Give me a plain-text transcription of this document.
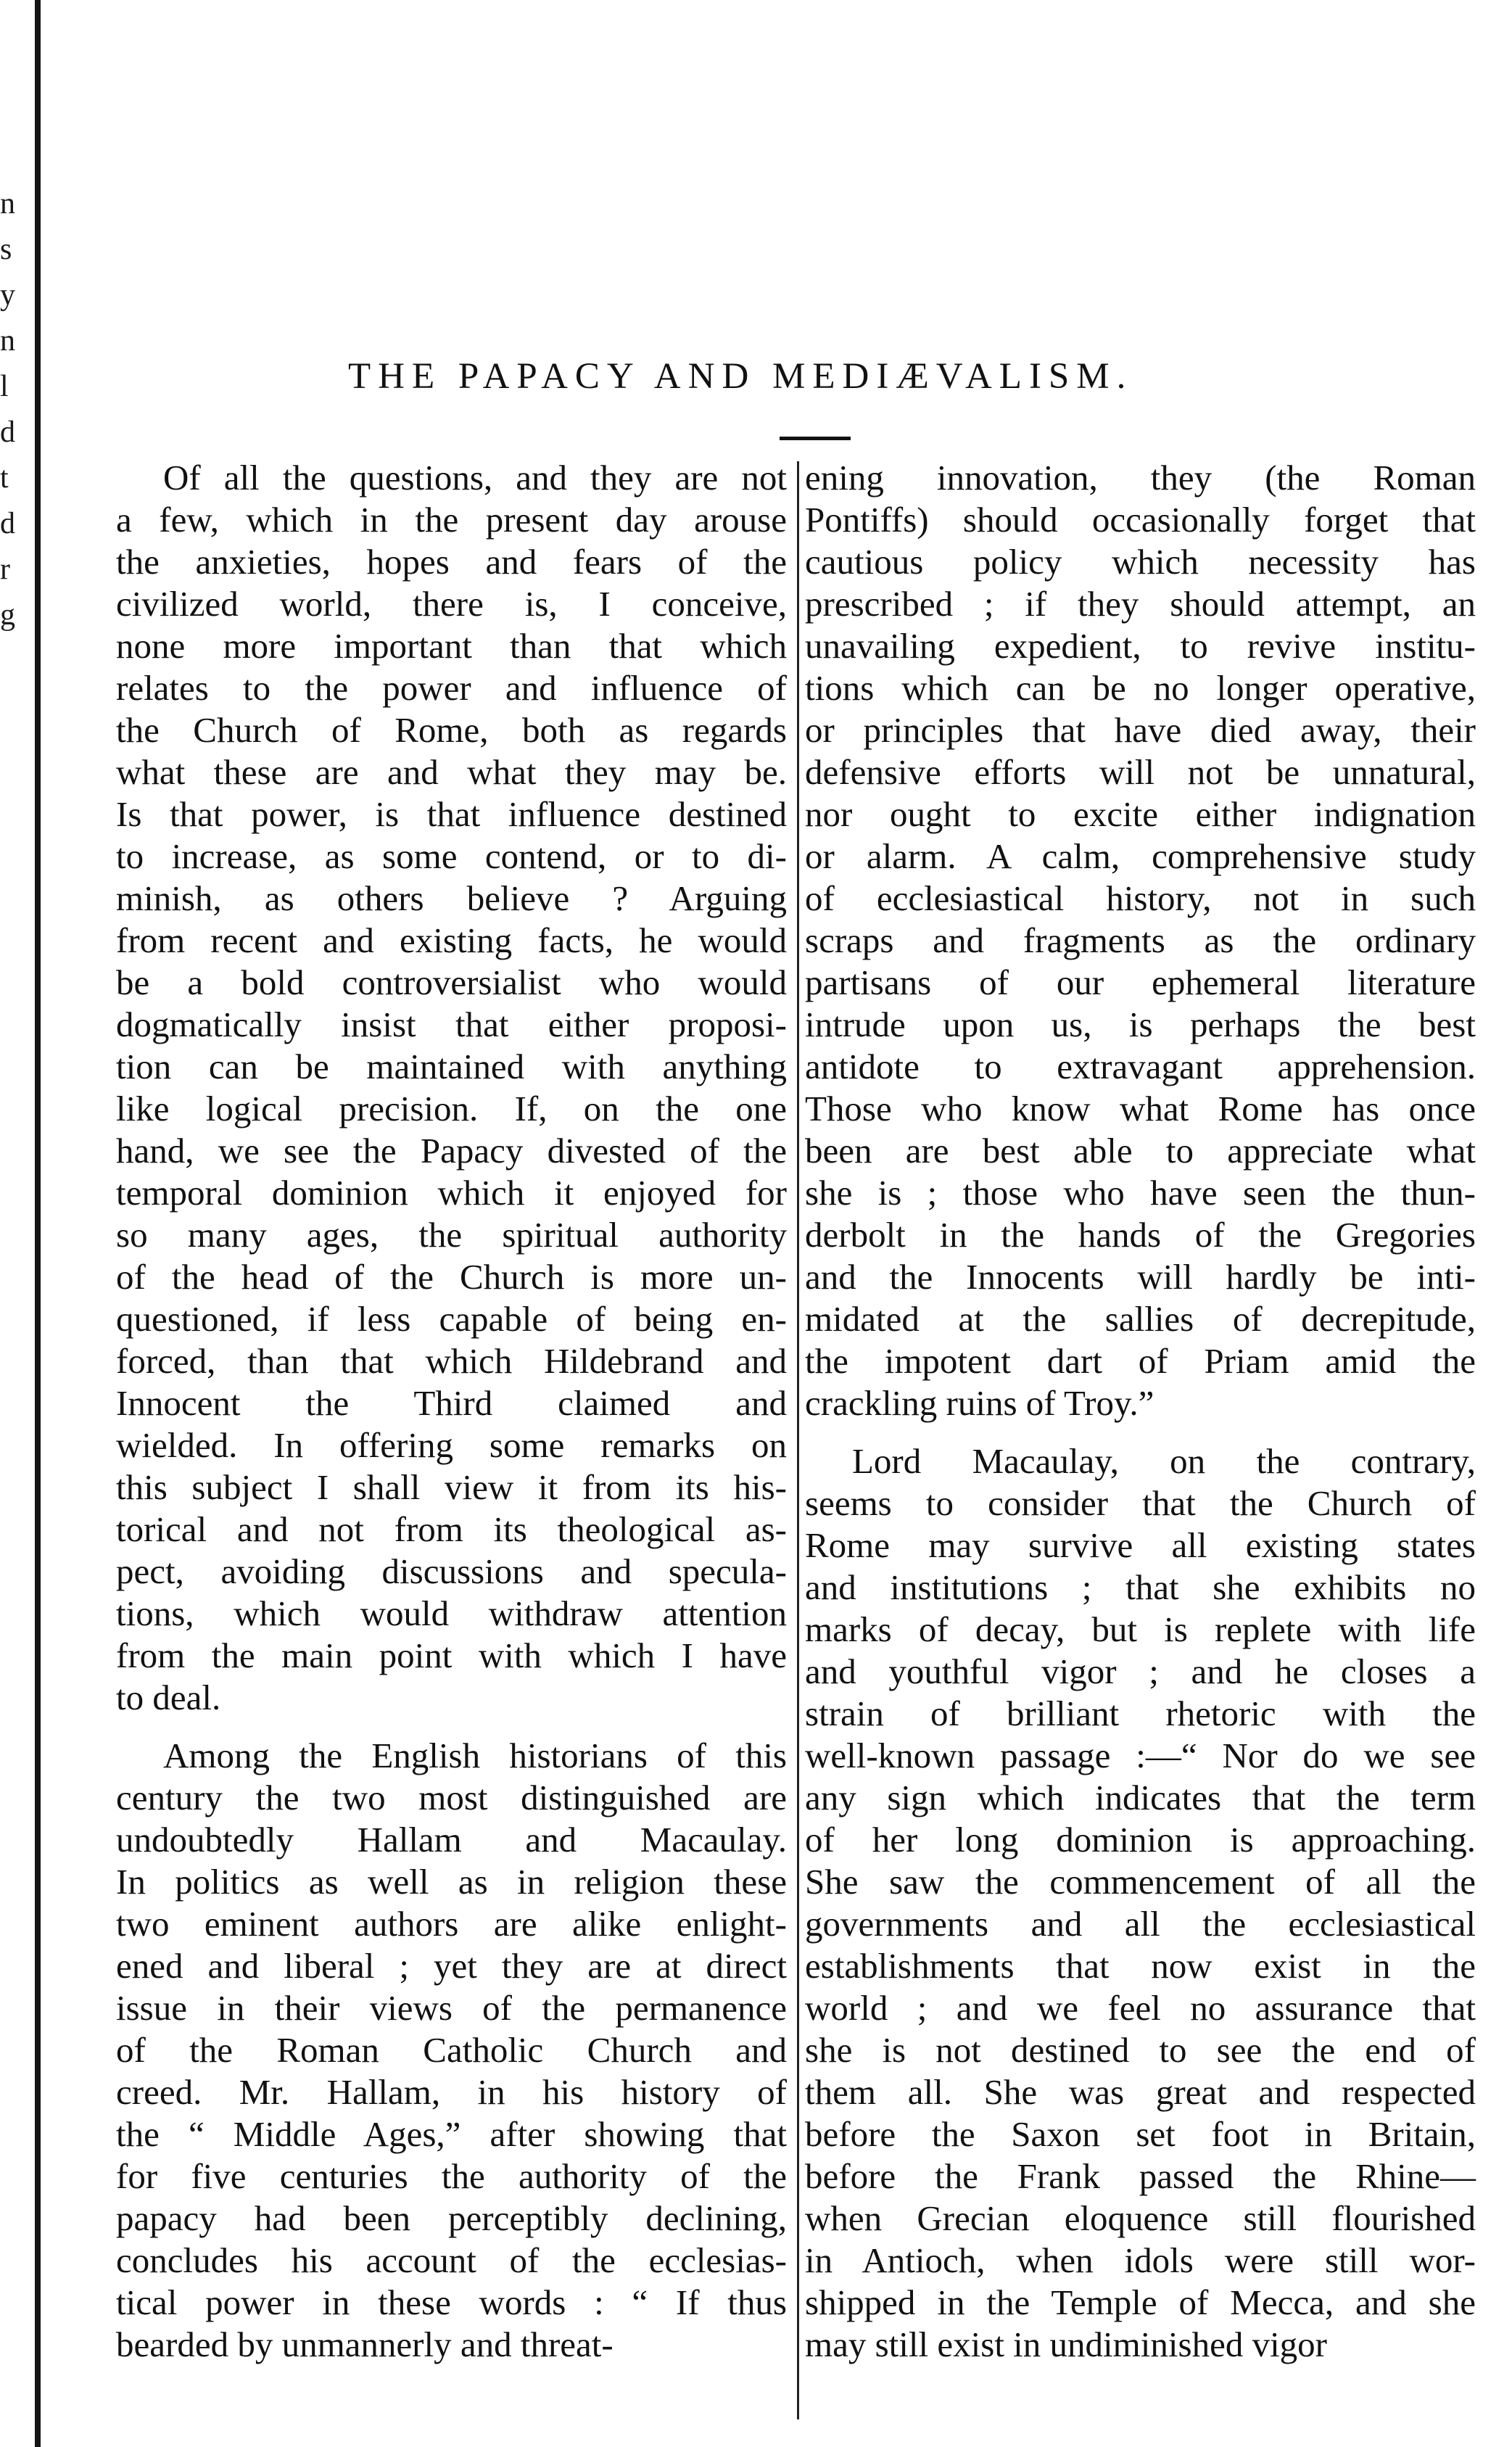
n
s
y
n
l
d
t
d
r
g
THE PAPACY AND MEDIÆVALISM.
Of all the questions, and they are not
a few, which in the present day arouse
the anxieties, hopes and fears of the
civilized world, there is, I conceive,
none more important than that which
relates to the power and influence of
the Church of Rome, both as regards
what these are and what they may be.
Is that power, is that influence destined
to increase, as some contend, or to di-
minish, as others believe ? Arguing
from recent and existing facts, he would
be a bold controversialist who would
dogmatically insist that either proposi-
tion can be maintained with anything
like logical precision. If, on the one
hand, we see the Papacy divested of the
temporal dominion which it enjoyed for
so many ages, the spiritual authority
of the head of the Church is more un-
questioned, if less capable of being en-
forced, than that which Hildebrand and
Innocent the Third claimed and
wielded. In offering some remarks on
this subject I shall view it from its his-
torical and not from its theological as-
pect, avoiding discussions and specula-
tions, which would withdraw attention
from the main point with which I have
to deal.
Among the English historians of this
century the two most distinguished are
undoubtedly Hallam and Macaulay.
In politics as well as in religion these
two eminent authors are alike enlight-
ened and liberal ; yet they are at direct
issue in their views of the permanence
of the Roman Catholic Church and
creed. Mr. Hallam, in his history of
the “ Middle Ages,” after showing that
for five centuries the authority of the
papacy had been perceptibly declining,
concludes his account of the ecclesias-
tical power in these words : “ If thus
bearded by unmannerly and threat-
ening innovation, they (the Roman
Pontiffs) should occasionally forget that
cautious policy which necessity has
prescribed ; if they should attempt, an
unavailing expedient, to revive institu-
tions which can be no longer operative,
or principles that have died away, their
defensive efforts will not be unnatural,
nor ought to excite either indignation
or alarm. A calm, comprehensive study
of ecclesiastical history, not in such
scraps and fragments as the ordinary
partisans of our ephemeral literature
intrude upon us, is perhaps the best
antidote to extravagant apprehension.
Those who know what Rome has once
been are best able to appreciate what
she is ; those who have seen the thun-
derbolt in the hands of the Gregories
and the Innocents will hardly be inti-
midated at the sallies of decrepitude,
the impotent dart of Priam amid the
crackling ruins of Troy.”
Lord Macaulay, on the contrary,
seems to consider that the Church of
Rome may survive all existing states
and institutions ; that she exhibits no
marks of decay, but is replete with life
and youthful vigor ; and he closes a
strain of brilliant rhetoric with the
well-known passage :—“ Nor do we see
any sign which indicates that the term
of her long dominion is approaching.
She saw the commencement of all the
governments and all the ecclesiastical
establishments that now exist in the
world ; and we feel no assurance that
she is not destined to see the end of
them all. She was great and respected
before the Saxon set foot in Britain,
before the Frank passed the Rhine—
when Grecian eloquence still flourished
in Antioch, when idols were still wor-
shipped in the Temple of Mecca, and she
may still exist in undiminished vigor
